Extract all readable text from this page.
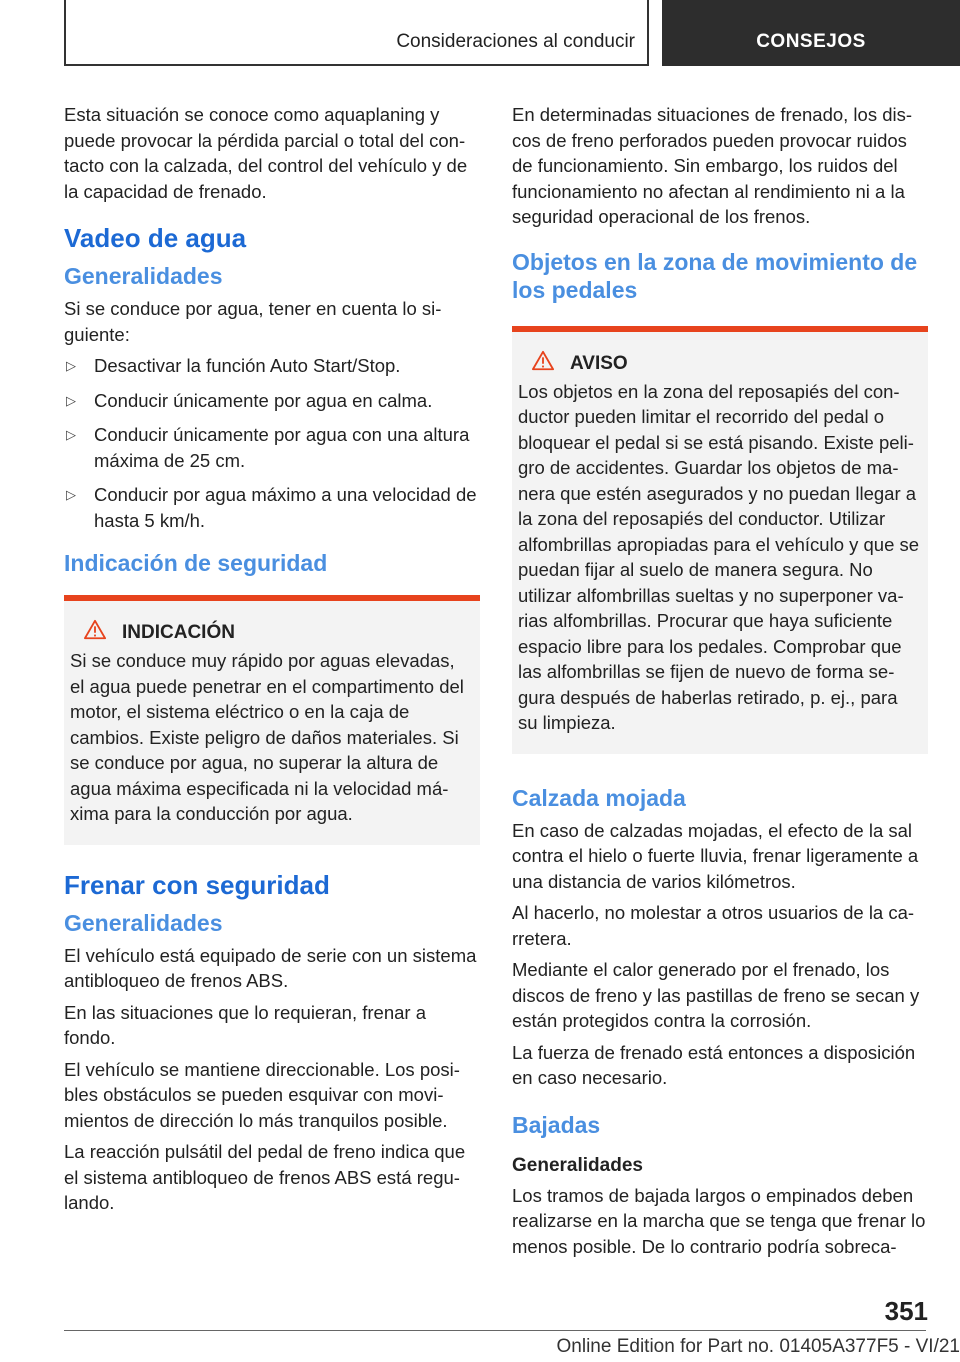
Consideraciones al conducir	CONSEJOS

Esta situación se conoce como aquaplaning y puede provocar la pérdida parcial o total del contacto con la calzada, del control del vehículo y de la capacidad de frenado.

Vadeo de agua
Generalidades

Si se conduce por agua, tener en cuenta lo siguiente:

▷ Desactivar la función Auto Start/Stop.
▷ Conducir únicamente por agua en calma.
▷ Conducir únicamente por agua con una altura máxima de 25 cm.
▷ Conducir por agua máximo a una velocidad de hasta 5 km/h.
Indicación de seguridad
INDICACIÓN

Si se conduce muy rápido por aguas elevadas, el agua puede penetrar en el compartimento del motor, el sistema eléctrico o en la caja de cambios. Existe peligro de daños materiales. Si se conduce por agua, no superar la altura de agua máxima especificada ni la velocidad máxima para la conducción por agua.

Frenar con seguridad
Generalidades

El vehículo está equipado de serie con un sistema antibloqueo de frenos ABS.

En las situaciones que lo requieran, frenar a fondo.

El vehículo se mantiene direccionable. Los posibles obstáculos se pueden esquivar con movimientos de dirección lo más tranquilos posible.

La reacción pulsátil del pedal de freno indica que el sistema antibloqueo de frenos ABS está regulando.

En determinadas situaciones de frenado, los discos de freno perforados pueden provocar ruidos de funcionamiento. Sin embargo, los ruidos del funcionamiento no afectan al rendimiento ni a la seguridad operacional de los frenos.

Objetos en la zona de movimiento de los pedales
AVISO

Los objetos en la zona del reposapiés del conductor pueden limitar el recorrido del pedal o bloquear el pedal si se está pisando. Existe peligro de accidentes. Guardar los objetos de manera que estén asegurados y no puedan llegar a la zona del reposapiés del conductor. Utilizar alfombrillas apropiadas para el vehículo y que se puedan fijar al suelo de manera segura. No utilizar alfombrillas sueltas y no superponer varias alfombrillas. Procurar que haya suficiente espacio libre para los pedales. Comprobar que las alfombrillas se fijen de nuevo de forma segura después de haberlas retirado, p. ej., para su limpieza.

Calzada mojada

En caso de calzadas mojadas, el efecto de la sal contra el hielo o fuerte lluvia, frenar ligeramente a una distancia de varios kilómetros.

Al hacerlo, no molestar a otros usuarios de la carretera.

Mediante el calor generado por el frenado, los discos de freno y las pastillas de freno se secan y están protegidos contra la corrosión.

La fuerza de frenado está entonces a disposición en caso necesario.

Bajadas
Generalidades

Los tramos de bajada largos o empinados deben realizarse en la marcha que se tenga que frenar lo menos posible. De lo contrario podría sobreca-

351
Online Edition for Part no. 01405A377F5 - VI/21
